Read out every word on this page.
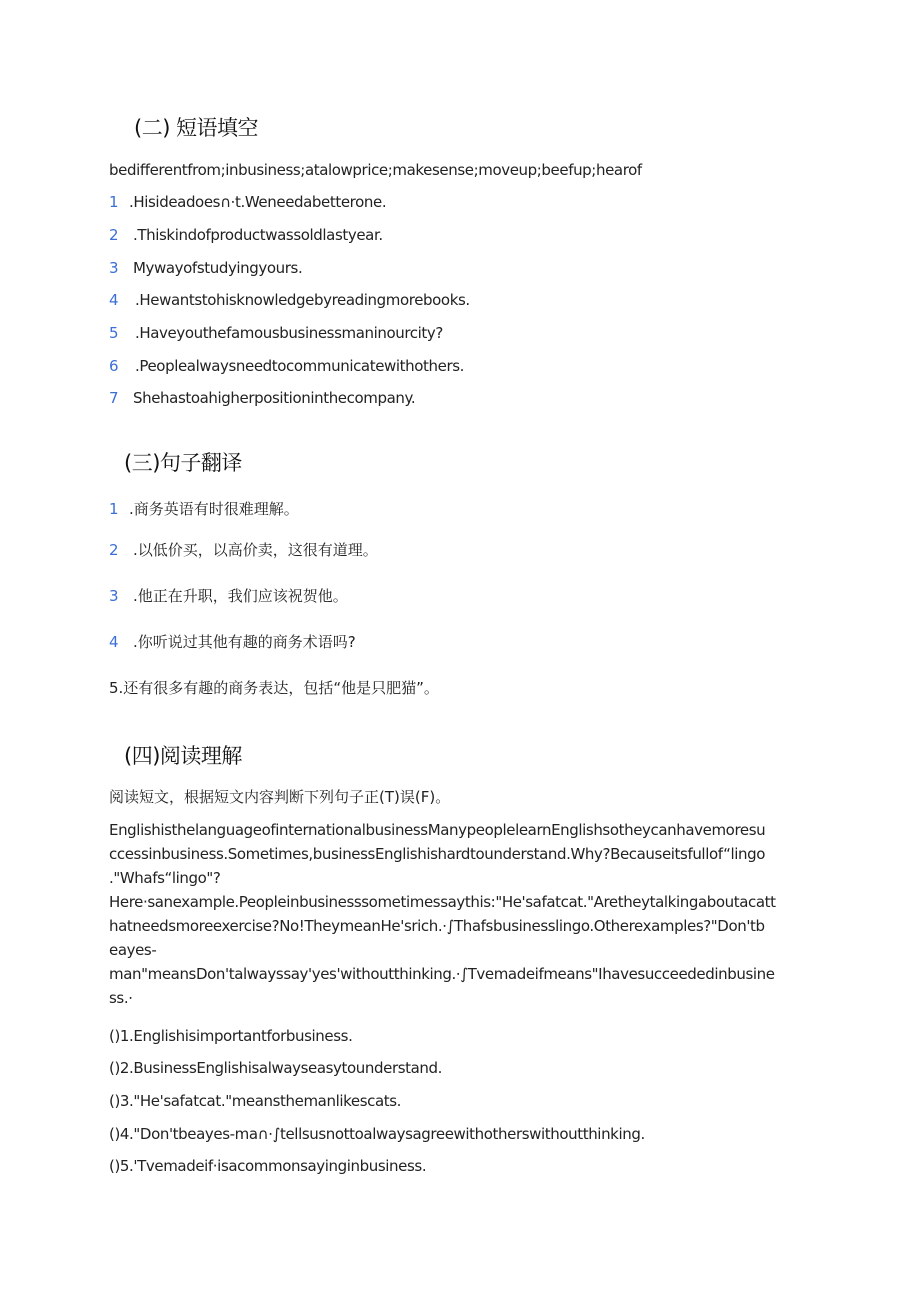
(二) 短语填空
bedifferentfrom;inbusiness;atalowprice;makesense;moveup;beefup;hearof
1 .Hisideadoes∩⋅t.Weneedabetterone.
2 .Thiskindofproductwassoldlastyear.
3 Mywayofstudyingyours.
4 .Hewantstohisknowledgebyreadingmorebooks.
5 .Haveyouthefamousbusinessmaninourcity?
6 .Peoplealwaysneedtocommunicatewithothers.
7 Shehastoahigherpositioninthecompany.
(三)句子翻译
1 .商务英语有时很难理解。
2 .以低价买，以高价卖，这很有道理。
3 .他正在升职，我们应该祝贺他。
4 .你听说过其他有趣的商务术语吗?
5.还有很多有趣的商务表达，包括“他是只肥猫”。
(四)阅读理解
阅读短文，根据短文内容判断下列句子正(T)误(F)。
EnglishisthelanguageofinternationalbusinessManypeoplelearnEnglishsotheycanhavemoresu
ccessinbusiness.Sometimes,businessEnglishishardtounderstand.Why?Becauseitsfullof“lingo
."Whafs“lingo"?
Here·sanexample.Peopleinbusinesssometimessaythis:"He'safatcat."Aretheytalkingaboutacatt
hatneedsmoreexercise?No!TheymeanHe'srich.⋅∫Thafsbusinesslingo.Otherexamples?"Don'tb
eayes-
man"meansDon'talwayssay'yes'withoutthinking.⋅∫Tvemadeifmeans"Ihavesucceededinbusine
ss.⋅
()1.Englishisimportantforbusiness.
()2.BusinessEnglishisalwayseasytounderstand.
()3."He'safatcat."meansthemanlikescats.
()4."Don'tbeayes-ma∩⋅∫tellsusnottoalwaysagreewithotherswithoutthinking.
()5.'Tvemadeif·isacommonsayinginbusiness.
